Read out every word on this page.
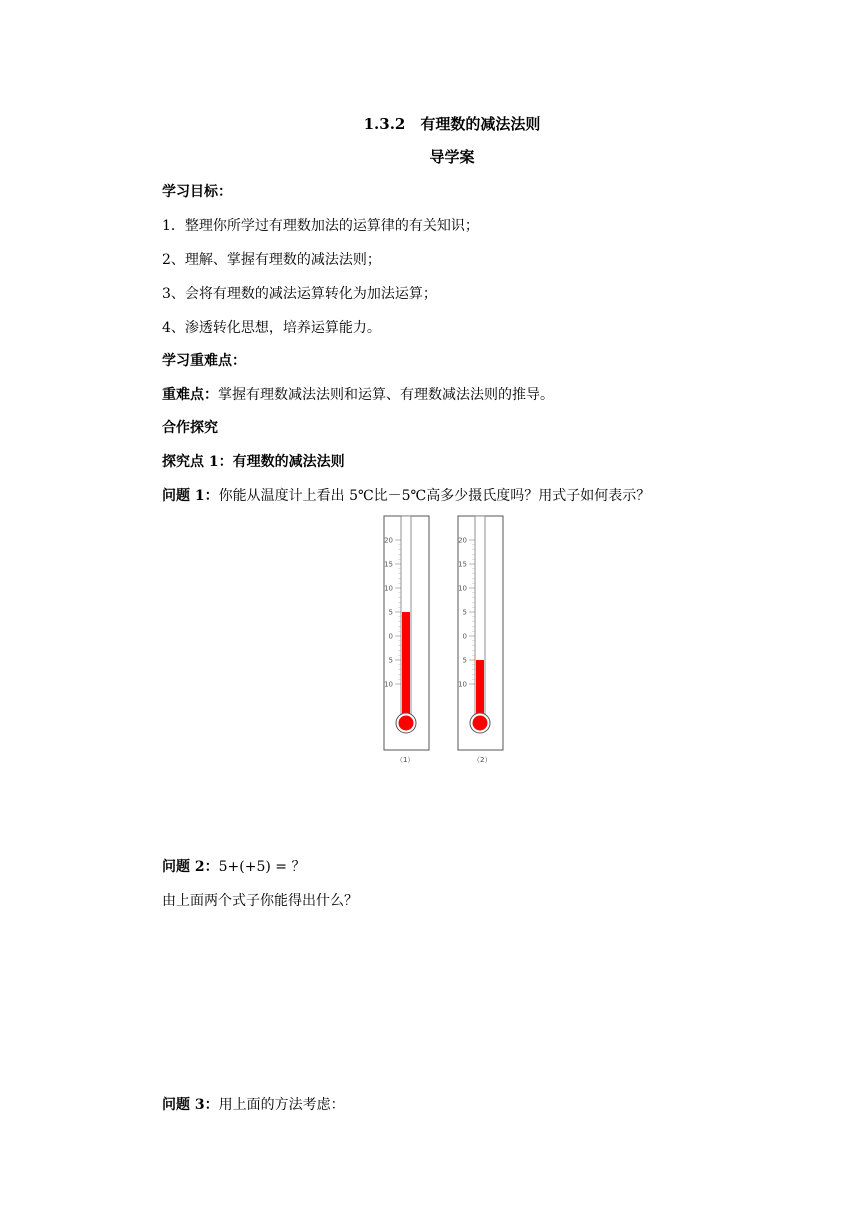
1.3.2　有理数的减法法则
导学案
学习目标：
1．整理你所学过有理数加法的运算律的有关知识；
2、理解、掌握有理数的减法法则；
3、会将有理数的减法运算转化为加法运算；
4、渗透转化思想，培养运算能力。
学习重难点：
重难点：掌握有理数减法法则和运算、有理数减法法则的推导。
合作探究
探究点 1：有理数的减法法则
问题 1：你能从温度计上看出 5℃比－5℃高多少摄氏度吗？用式子如何表示？
20
15
10
5
0
5
10
20
15
10
5
0
5
10
（1）	（2）
问题 2：5+(+5) = ？
由上面两个式子你能得出什么？
问题 3：用上面的方法考虑：
